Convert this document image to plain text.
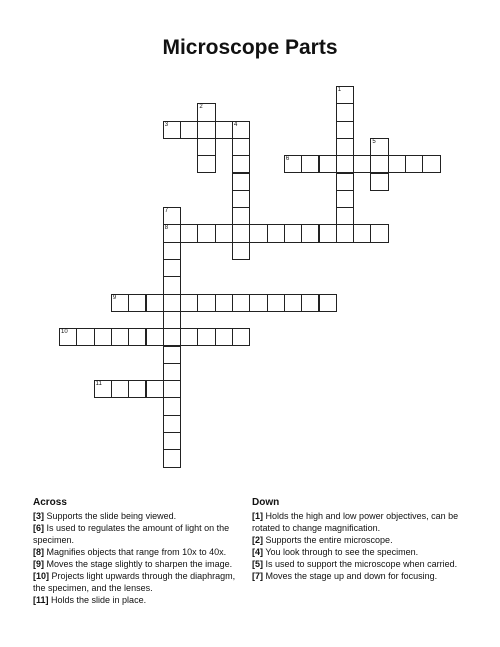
Microscope Parts
1
2
3	4
5
6
7
8
9
10
11
Across
[3] Supports the slide being viewed.
[6] Is used to regulates the amount of light on the specimen.
[8] Magnifies objects that range from 10x to 40x.
[9] Moves the stage slightly to sharpen the image.
[10] Projects light upwards through the diaphragm, the specimen, and the lenses.
[11] Holds the slide in place.
Down
[1] Holds the high and low power objectives, can be rotated to change magnification.
[2] Supports the entire microscope.
[4] You look through to see the specimen.
[5] Is used to support the microscope when carried.
[7] Moves the stage up and down for focusing.
